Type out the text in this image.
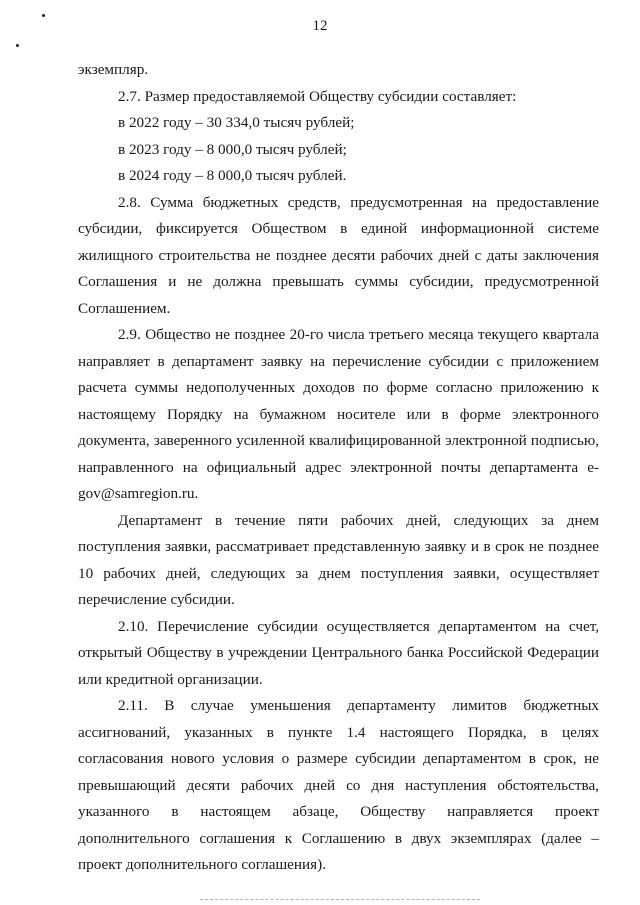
12

экземпляр.

2.7. Размер предоставляемой Обществу субсидии составляет:

в 2022 году – 30 334,0 тысяч рублей;

в 2023 году – 8 000,0 тысяч рублей;

в 2024 году – 8 000,0 тысяч рублей.

2.8. Сумма бюджетных средств, предусмотренная на предоставление субсидии, фиксируется Обществом в единой информационной системе жилищного строительства не позднее десяти рабочих дней с даты заключения Соглашения и не должна превышать суммы субсидии, предусмотренной Соглашением.

2.9. Общество не позднее 20-го числа третьего месяца текущего квартала направляет в департамент заявку на перечисление субсидии с приложением расчета суммы недополученных доходов по форме согласно приложению к настоящему Порядку на бумажном носителе или в форме электронного документа, заверенного усиленной квалифицированной электронной подписью, направленного на официальный адрес электронной почты департамента e-gov@samregion.ru.

Департамент в течение пяти рабочих дней, следующих за днем поступления заявки, рассматривает представленную заявку и в срок не позднее 10 рабочих дней, следующих за днем поступления заявки, осуществляет перечисление субсидии.

2.10. Перечисление субсидии осуществляется департаментом на счет, открытый Обществу в учреждении Центрального банка Российской Федерации или кредитной организации.

2.11. В случае уменьшения департаменту лимитов бюджетных ассигнований, указанных в пункте 1.4 настоящего Порядка, в целях согласования нового условия о размере субсидии департаментом в срок, не превышающий десяти рабочих дней со дня наступления обстоятельства, указанного в настоящем абзаце, Обществу направляется проект дополнительного соглашения к Соглашению в двух экземплярах (далее – проект дополнительного соглашения).
